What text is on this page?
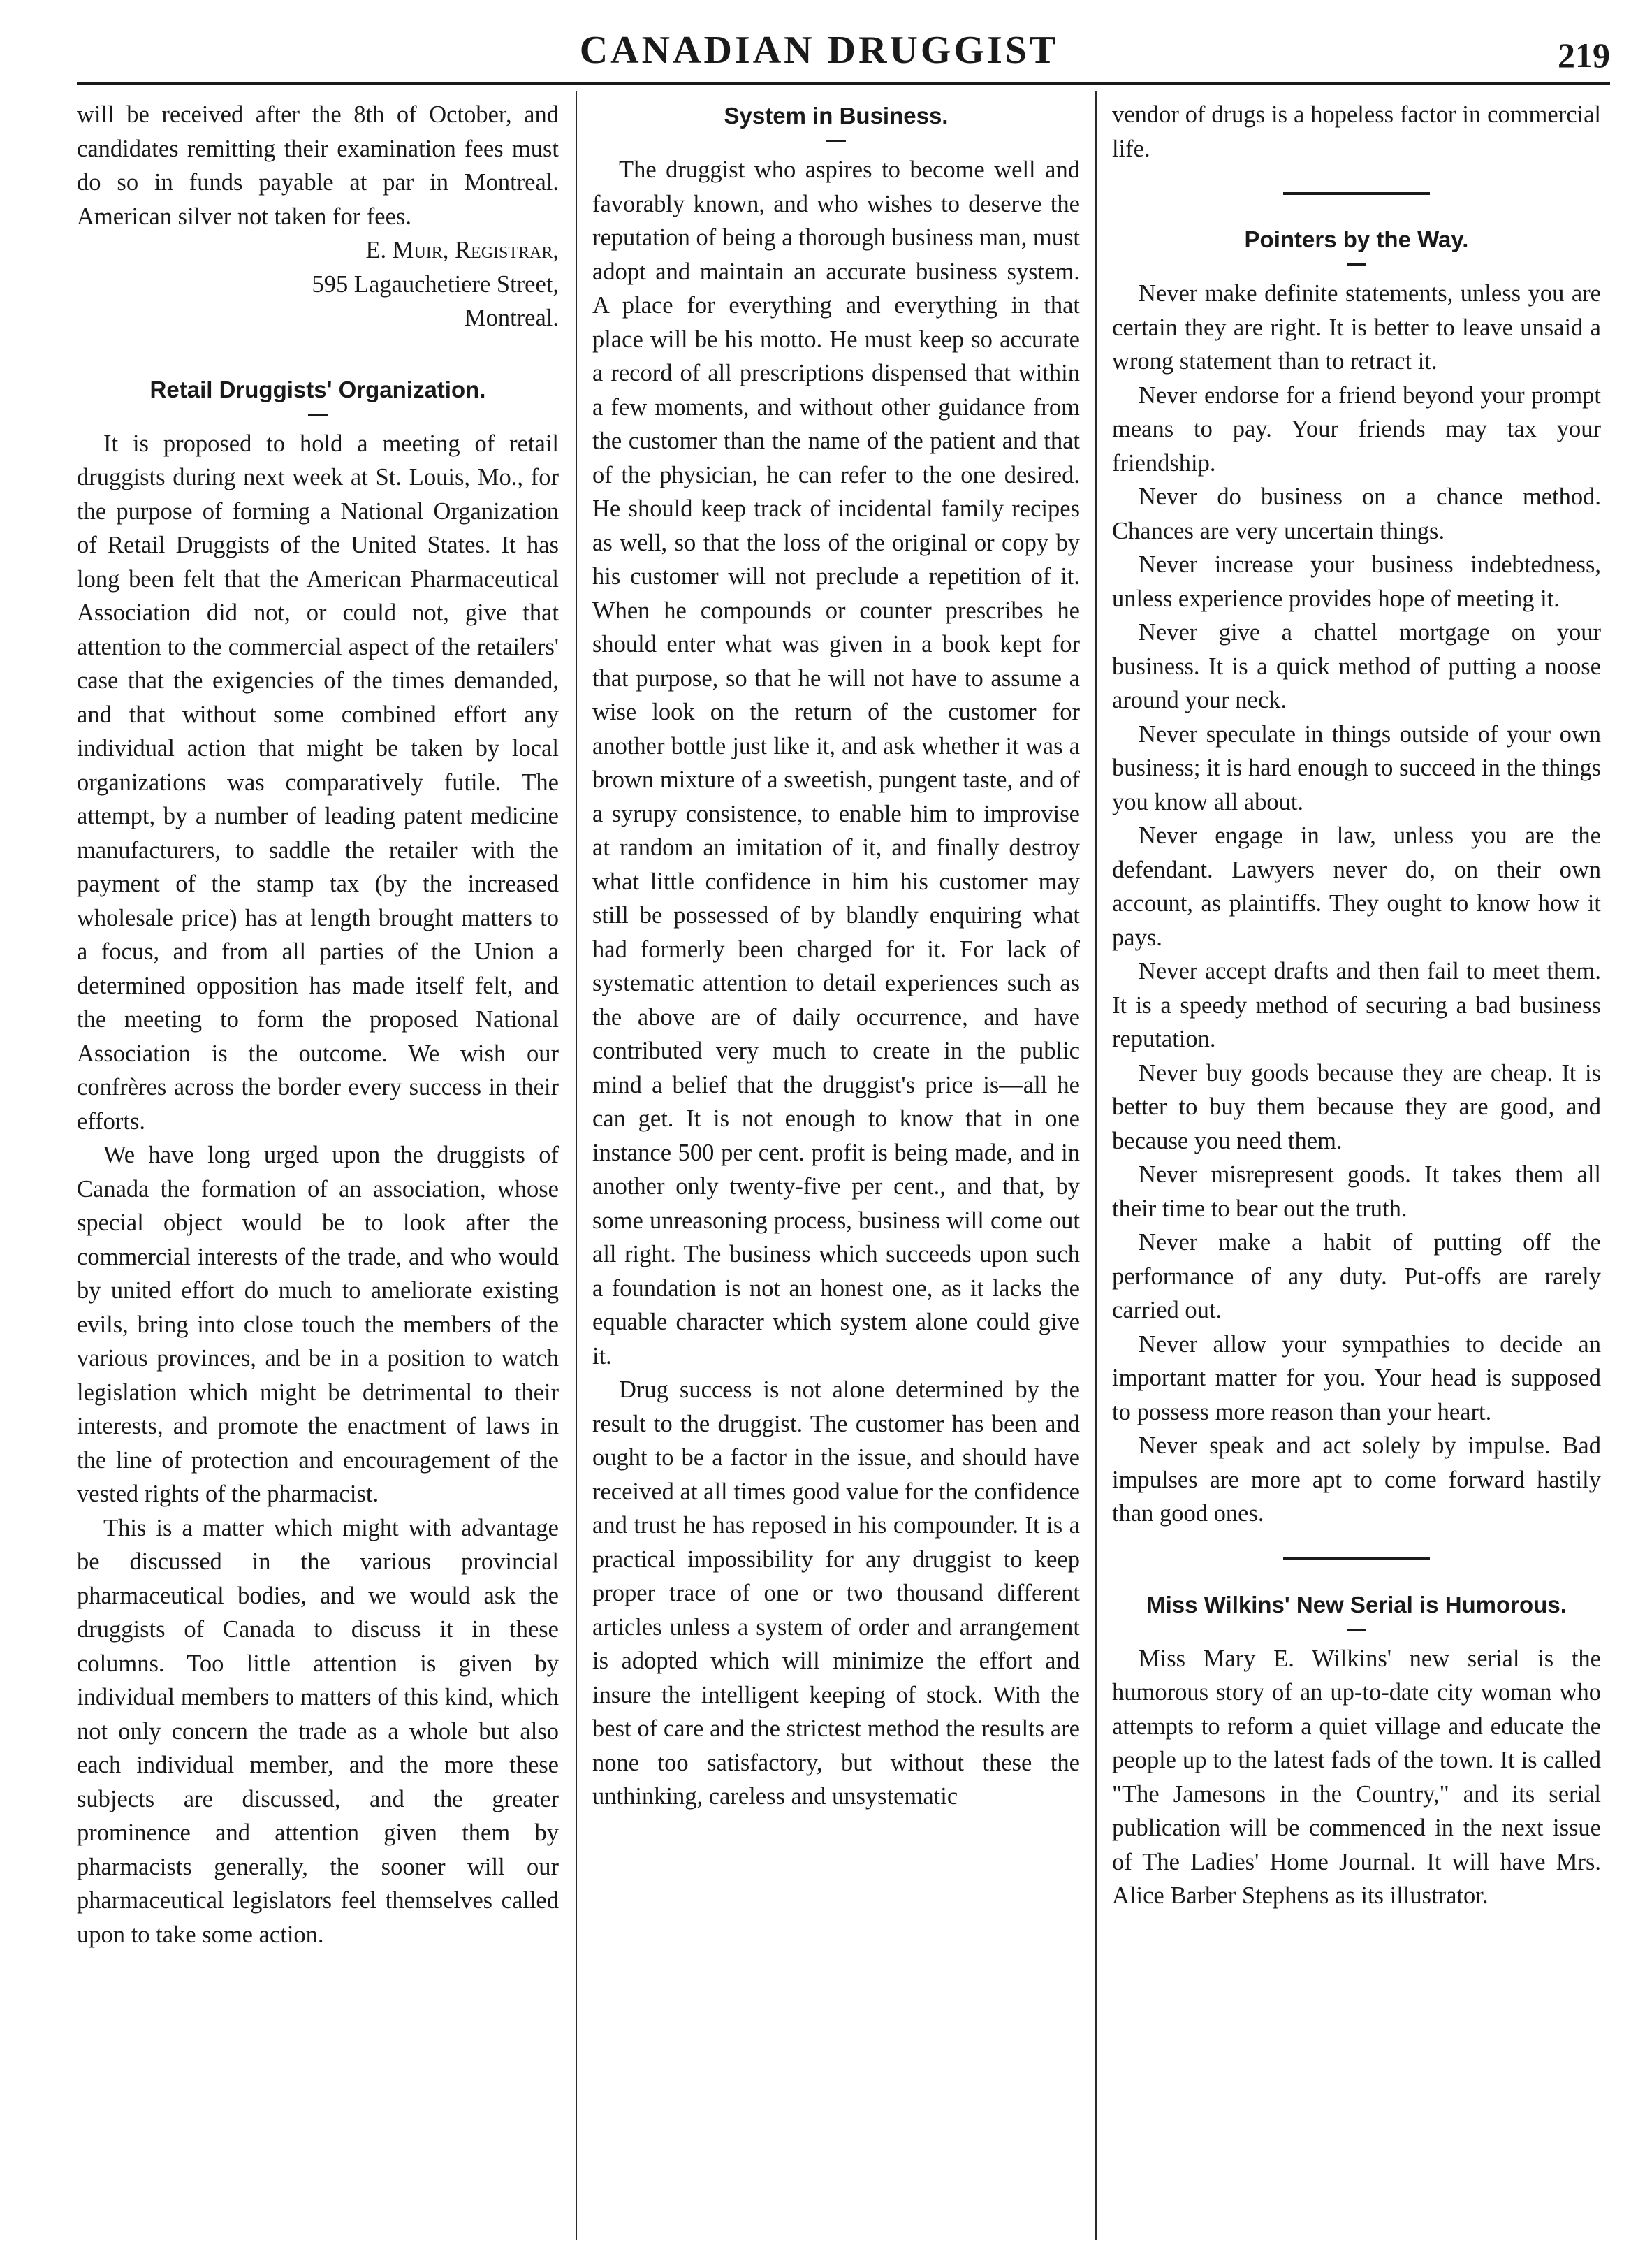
CANADIAN DRUGGIST	219

will be received after the 8th of October, and candidates remitting their examination fees must do so in funds payable at par in Montreal. American silver not taken for fees.

E. Muir, Registrar,
595 Lagauchetiere Street,
Montreal.
Retail Druggists' Organization.

It is proposed to hold a meeting of retail druggists during next week at St. Louis, Mo., for the purpose of forming a National Organization of Retail Druggists of the United States. It has long been felt that the American Pharmaceutical Association did not, or could not, give that attention to the commercial aspect of the retailers' case that the exigencies of the times demanded, and that without some combined effort any individual action that might be taken by local organizations was comparatively futile. The attempt, by a number of leading patent medicine manufacturers, to saddle the retailer with the payment of the stamp tax (by the increased wholesale price) has at length brought matters to a focus, and from all parties of the Union a determined opposition has made itself felt, and the meeting to form the proposed National Association is the outcome. We wish our confrères across the border every success in their efforts.

We have long urged upon the druggists of Canada the formation of an association, whose special object would be to look after the commercial interests of the trade, and who would by united effort do much to ameliorate existing evils, bring into close touch the members of the various provinces, and be in a position to watch legislation which might be detrimental to their interests, and promote the enactment of laws in the line of protection and encouragement of the vested rights of the pharmacist.

This is a matter which might with advantage be discussed in the various provincial pharmaceutical bodies, and we would ask the druggists of Canada to discuss it in these columns. Too little attention is given by individual members to matters of this kind, which not only concern the trade as a whole but also each individual member, and the more these subjects are discussed, and the greater prominence and attention given them by pharmacists generally, the sooner will our pharmaceutical legislators feel themselves called upon to take some action.

System in Business.

The druggist who aspires to become well and favorably known, and who wishes to deserve the reputation of being a thorough business man, must adopt and maintain an accurate business system. A place for everything and everything in that place will be his motto. He must keep so accurate a record of all prescriptions dispensed that within a few moments, and without other guidance from the customer than the name of the patient and that of the physician, he can refer to the one desired. He should keep track of incidental family recipes as well, so that the loss of the original or copy by his customer will not preclude a repetition of it. When he compounds or counter prescribes he should enter what was given in a book kept for that purpose, so that he will not have to assume a wise look on the return of the customer for another bottle just like it, and ask whether it was a brown mixture of a sweetish, pungent taste, and of a syrupy consistence, to enable him to improvise at random an imitation of it, and finally destroy what little confidence in him his customer may still be possessed of by blandly enquiring what had formerly been charged for it. For lack of systematic attention to detail experiences such as the above are of daily occurrence, and have contributed very much to create in the public mind a belief that the druggist's price is—all he can get. It is not enough to know that in one instance 500 per cent. profit is being made, and in another only twenty-five per cent., and that, by some unreasoning process, business will come out all right. The business which succeeds upon such a foundation is not an honest one, as it lacks the equable character which system alone could give it.

Drug success is not alone determined by the result to the druggist. The customer has been and ought to be a factor in the issue, and should have received at all times good value for the confidence and trust he has reposed in his compounder. It is a practical impossibility for any druggist to keep proper trace of one or two thousand different articles unless a system of order and arrangement is adopted which will minimize the effort and insure the intelligent keeping of stock. With the best of care and the strictest method the results are none too satisfactory, but without these the unthinking, careless and unsystematic

vendor of drugs is a hopeless factor in commercial life.

Pointers by the Way.

Never make definite statements, unless you are certain they are right. It is better to leave unsaid a wrong statement than to retract it.

Never endorse for a friend beyond your prompt means to pay. Your friends may tax your friendship.

Never do business on a chance method. Chances are very uncertain things.

Never increase your business indebtedness, unless experience provides hope of meeting it.

Never give a chattel mortgage on your business. It is a quick method of putting a noose around your neck.

Never speculate in things outside of your own business; it is hard enough to succeed in the things you know all about.

Never engage in law, unless you are the defendant. Lawyers never do, on their own account, as plaintiffs. They ought to know how it pays.

Never accept drafts and then fail to meet them. It is a speedy method of securing a bad business reputation.

Never buy goods because they are cheap. It is better to buy them because they are good, and because you need them.

Never misrepresent goods. It takes them all their time to bear out the truth.

Never make a habit of putting off the performance of any duty. Put-offs are rarely carried out.

Never allow your sympathies to decide an important matter for you. Your head is supposed to possess more reason than your heart.

Never speak and act solely by impulse. Bad impulses are more apt to come forward hastily than good ones.

Miss Wilkins' New Serial is Humorous.

Miss Mary E. Wilkins' new serial is the humorous story of an up-to-date city woman who attempts to reform a quiet village and educate the people up to the latest fads of the town. It is called "The Jamesons in the Country," and its serial publication will be commenced in the next issue of The Ladies' Home Journal. It will have Mrs. Alice Barber Stephens as its illustrator.
